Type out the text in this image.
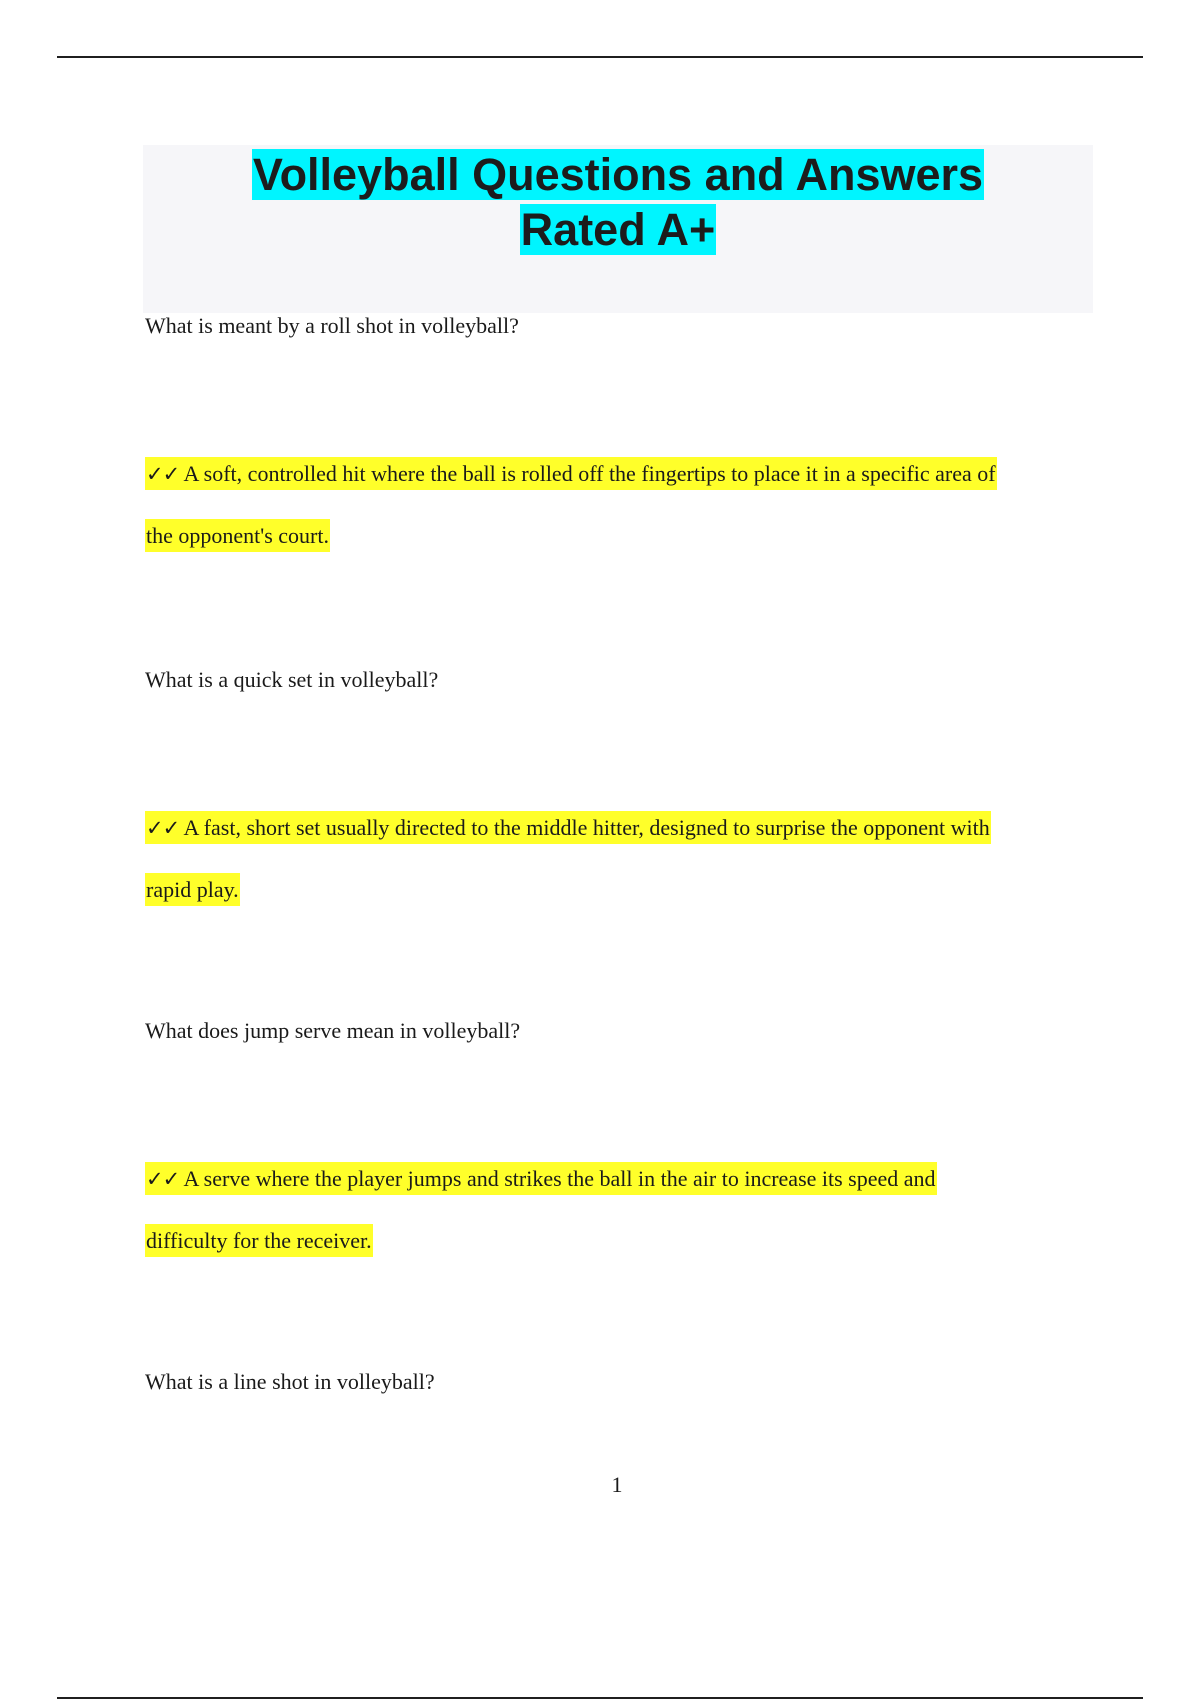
Volleyball Questions and Answers
Rated A+
What is meant by a roll shot in volleyball?
✓✓ A soft, controlled hit where the ball is rolled off the fingertips to place it in a specific area of
the opponent's court.
What is a quick set in volleyball?
✓✓ A fast, short set usually directed to the middle hitter, designed to surprise the opponent with
rapid play.
What does jump serve mean in volleyball?
✓✓ A serve where the player jumps and strikes the ball in the air to increase its speed and
difficulty for the receiver.
What is a line shot in volleyball?
1
